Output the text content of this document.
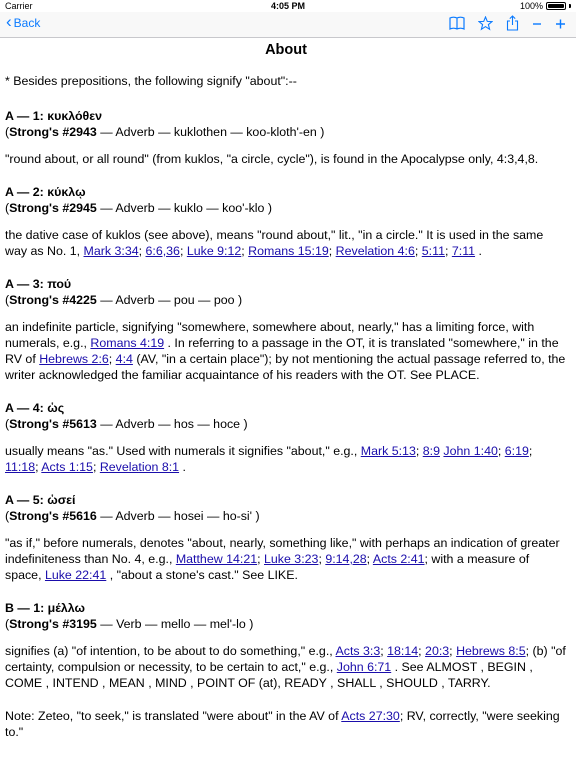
Carrier	4:05 PM	100%
‹ Back
About

* Besides prepositions, the following signify "about":--

A — 1: κυκλόθεν
(Strong's #2943 — Adverb — kuklothen — koo-kloth'-en )

"round about, or all round" (from kuklos, "a circle, cycle"), is found in the Apocalypse only, 4:3,4,8.

A — 2: κύκλῳ
(Strong's #2945 — Adverb — kuklo — koo'-klo )

the dative case of kuklos (see above), means "round about," lit., "in a circle." It is used in the same way as No. 1, Mark 3:34; 6:6,36; Luke 9:12; Romans 15:19; Revelation 4:6; 5:11; 7:11 .

A — 3: πού
(Strong's #4225 — Adverb — pou — poo )

an indefinite particle, signifying "somewhere, somewhere about, nearly," has a limiting force, with numerals, e.g., Romans 4:19 . In referring to a passage in the OT, it is translated "somewhere," in the RV of Hebrews 2:6; 4:4 (AV, "in a certain place"); by not mentioning the actual passage referred to, the writer acknowledged the familiar acquaintance of his readers with the OT. See PLACE.

A — 4: ὡς
(Strong's #5613 — Adverb — hos — hoce )

usually means "as." Used with numerals it signifies "about," e.g., Mark 5:13; 8:9 John 1:40; 6:19; 11:18; Acts 1:15; Revelation 8:1 .

A — 5: ὡσεί
(Strong's #5616 — Adverb — hosei — ho-si' )

"as if," before numerals, denotes "about, nearly, something like," with perhaps an indication of greater indefiniteness than No. 4, e.g., Matthew 14:21; Luke 3:23; 9:14,28; Acts 2:41; with a measure of space, Luke 22:41 , "about a stone's cast." See LIKE.

B — 1: μέλλω
(Strong's #3195 — Verb — mello — mel'-lo )

signifies (a) "of intention, to be about to do something," e.g., Acts 3:3; 18:14; 20:3; Hebrews 8:5; (b) "of certainty, compulsion or necessity, to be certain to act," e.g., John 6:71 . See ALMOST , BEGIN , COME , INTEND , MEAN , MIND , POINT OF (at), READY , SHALL , SHOULD , TARRY.

Note: Zeteo, "to seek," is translated "were about" in the AV of Acts 27:30; RV, correctly, "were seeking to."
